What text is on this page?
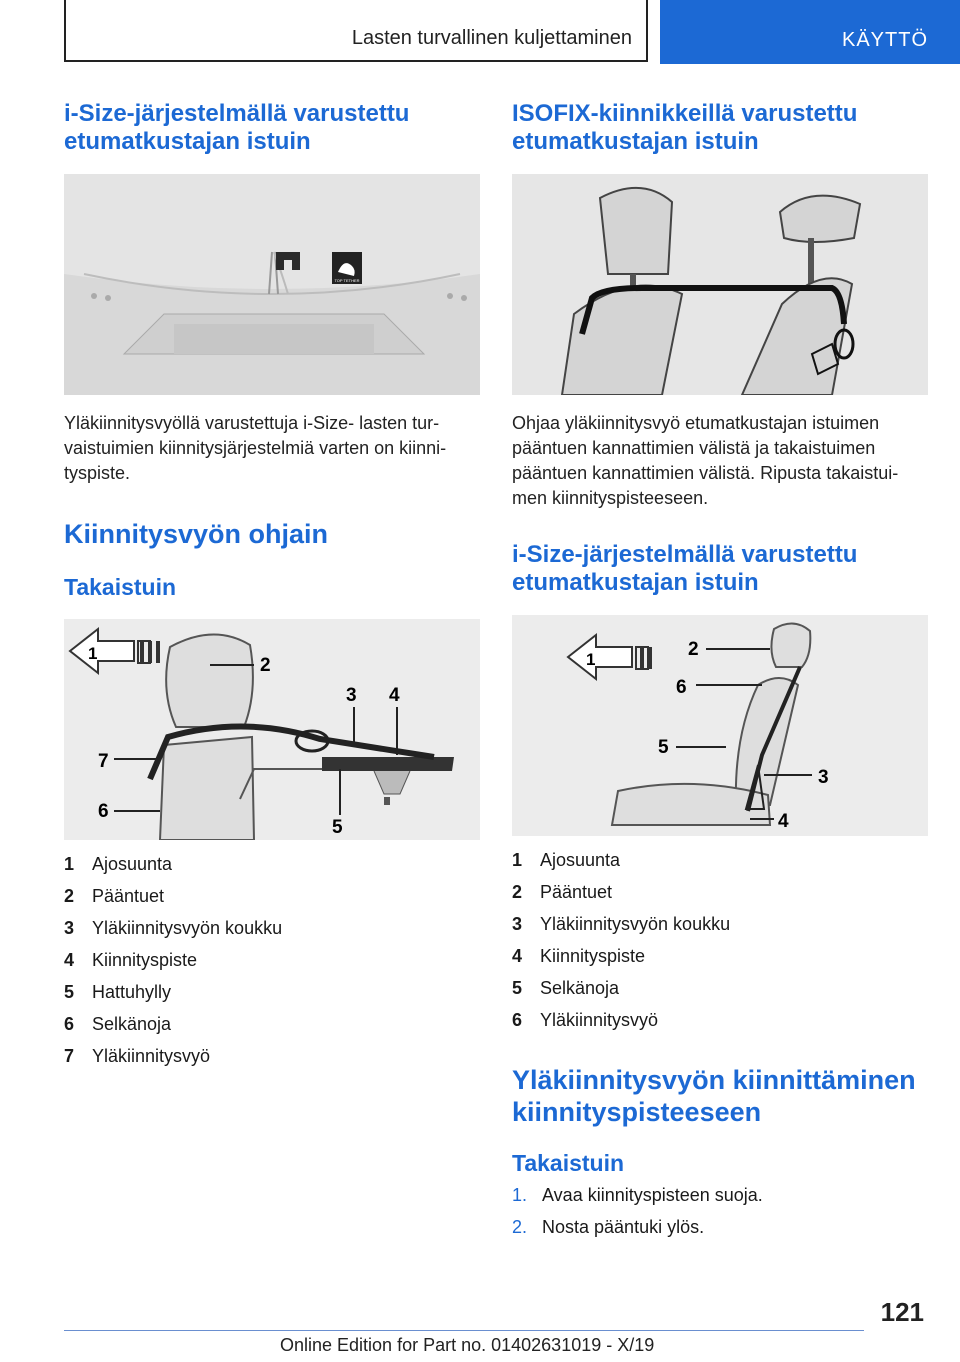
Lasten turvallinen kuljettaminen	KÄYTTÖ
i-Size-järjestelmällä varustettu
etumatkustajan istuin
TOP TETHER

Yläkiinnitysvyöllä varustettuja i-Size- lasten tur-
vaistuimien kiinnitysjärjestelmiä varten on kiinni-
tyspiste.

Kiinnitysvyön ohjain
Takaistuin
1
2
3 4
5
6
7
1 Ajosuunta
2 Pääntuet
3 Yläkiinnitysvyön koukku
4 Kiinnityspiste
5 Hattuhylly
6 Selkänoja
7 Yläkiinnitysvyö
ISOFIX-kiinnikkeillä varustettu
etumatkustajan istuin

Ohjaa yläkiinnitysvyö etumatkustajan istuimen
pääntuen kannattimien välistä ja takaistuimen
pääntuen kannattimien välistä. Ripusta takaistui-
men kiinnityspisteeseen.

i-Size-järjestelmällä varustettu
etumatkustajan istuin
1	2
6
5
3
4
1 Ajosuunta
2 Pääntuet
3 Yläkiinnitysvyön koukku
4 Kiinnityspiste
5 Selkänoja
6 Yläkiinnitysvyö
Yläkiinnitysvyön kiinnittäminen
kiinnityspisteeseen
Takaistuin
1. Avaa kiinnityspisteen suoja.
2. Nosta pääntuki ylös.
121
Online Edition for Part no. 01402631019 - X/19
